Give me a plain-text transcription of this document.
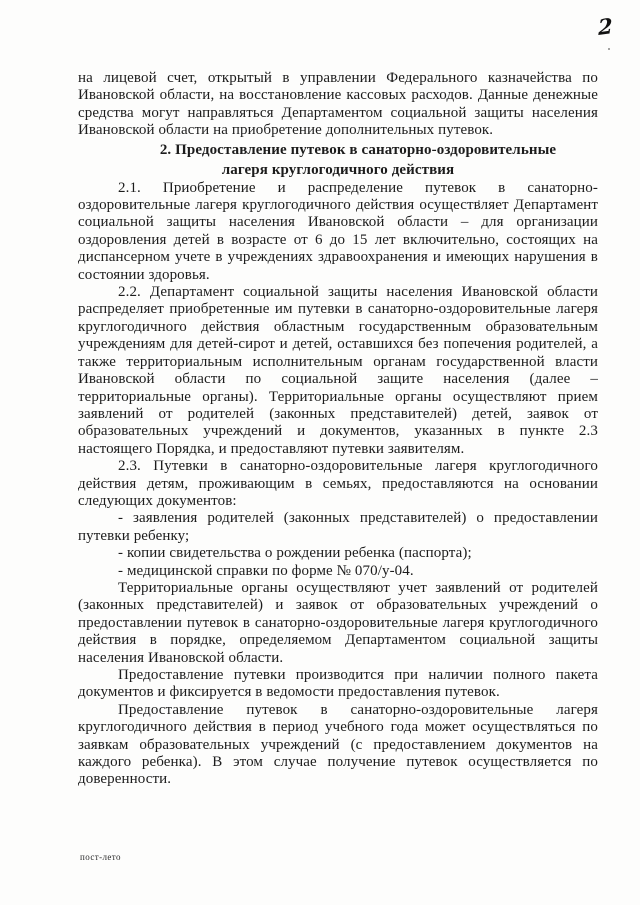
2

на лицевой счет, открытый в управлении Федерального казначейства по Ивановской области, на восстановление кассовых расходов. Данные денежные средства могут направляться Департаментом социальной защиты населения Ивановской области на приобретение дополнительных путевок.

2. Предоставление путевок в санаторно-оздоровительные лагеря круглогодичного действия

2.1. Приобретение и распределение путевок в санаторно-оздоровительные лагеря круглогодичного действия осуществляет Департамент социальной защиты населения Ивановской области – для организации оздоровления детей в возрасте от 6 до 15 лет включительно, состоящих на диспансерном учете в учреждениях здравоохранения и имеющих нарушения в состоянии здоровья.

2.2. Департамент социальной защиты населения Ивановской области распределяет приобретенные им путевки в санаторно-оздоровительные лагеря круглогодичного действия областным государственным образовательным учреждениям для детей-сирот и детей, оставшихся без попечения родителей, а также территориальным исполнительным органам государственной власти Ивановской области по социальной защите населения (далее – территориальные органы). Территориальные органы осуществляют прием заявлений от родителей (законных представителей) детей, заявок от образовательных учреждений и документов, указанных в пункте 2.3 настоящего Порядка, и предоставляют путевки заявителям.

2.3. Путевки в санаторно-оздоровительные лагеря круглогодичного действия детям, проживающим в семьях, предоставляются на основании следующих документов:

- заявления родителей (законных представителей) о предоставлении путевки ребенку;

- копии свидетельства о рождении ребенка (паспорта);

- медицинской справки по форме № 070/у-04.

Территориальные органы осуществляют учет заявлений от родителей (законных представителей) и заявок от образовательных учреждений о предоставлении путевок в санаторно-оздоровительные лагеря круглогодичного действия в порядке, определяемом Департаментом социальной защиты населения Ивановской области.

Предоставление путевки производится при наличии полного пакета документов и фиксируется в ведомости предоставления путевок.

Предоставление путевок в санаторно-оздоровительные лагеря круглогодичного действия в период учебного года может осуществляться по заявкам образовательных учреждений (с предоставлением документов на каждого ребенка). В этом случае получение путевок осуществляется по доверенности.

пост-лето
